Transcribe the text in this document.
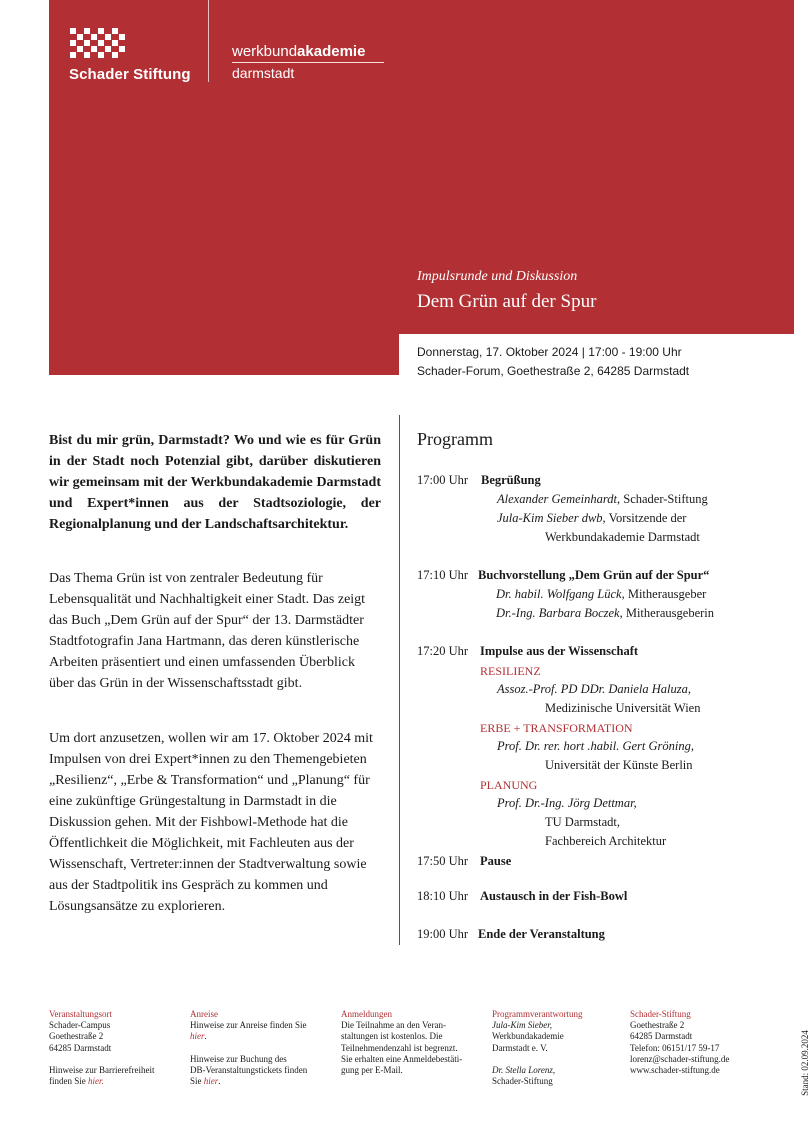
Schader Stiftung
werkbundakademie
darmstadt
Impulsrunde und Diskussion
Dem Grün auf der Spur
Donnerstag, 17. Oktober 2024 | 17:00 - 19:00 Uhr
Schader-Forum, Goethestraße 2, 64285 Darmstadt

Bist du mir grün, Darmstadt? Wo und wie es für Grün in der Stadt noch Potenzial gibt, darüber diskutieren wir gemeinsam mit der Werkbundakademie Darmstadt und Expert*innen aus der Stadtsoziologie, der Regionalplanung und der Landschaftsarchitektur.

Das Thema Grün ist von zentraler Bedeutung für Lebensqualität und Nachhaltigkeit einer Stadt. Das zeigt das Buch „Dem Grün auf der Spur“ der 13. Darmstädter Stadtfotografin Jana Hartmann, das deren künstlerische Arbeiten präsentiert und einen umfassenden Überblick über das Grün in der Wissenschaftsstadt gibt.

Um dort anzusetzen, wollen wir am 17. Oktober 2024 mit Impulsen von drei Expert*innen zu den Themengebieten „Resilienz“, „Erbe & Transformation“ und „Planung“ für eine zukünftige Grüngestaltung in Darmstadt in die Diskussion gehen. Mit der Fishbowl-Methode hat die Öffentlichkeit die Möglichkeit, mit Fachleuten aus der Wissenschaft, Vertreter:innen der Stadtverwaltung sowie aus der Stadtpolitik ins Gespräch zu kommen und Lösungsansätze zu explorieren.

Programm
17:00 Uhr Begrüßung
Alexander Gemeinhardt, Schader-Stiftung
Jula-Kim Sieber dwb, Vorsitzende der
Werkbundakademie Darmstadt
17:10 Uhr Buchvorstellung „Dem Grün auf der Spur“
Dr. habil. Wolfgang Lück, Mitherausgeber
Dr.-Ing. Barbara Boczek, Mitherausgeberin
17:20 Uhr Impulse aus der Wissenschaft
RESILIENZ
Assoz.-Prof. PD DDr. Daniela Haluza,
Medizinische Universität Wien
ERBE + TRANSFORMATION
Prof. Dr. rer. hort .habil. Gert Gröning,
Universität der Künste Berlin
PLANUNG
Prof. Dr.-Ing. Jörg Dettmar,
TU Darmstadt,
Fachbereich Architektur
17:50 Uhr Pause
18:10 Uhr Austausch in der Fish-Bowl
19:00 Uhr Ende der Veranstaltung
Veranstaltungsort
Schader-Campus
Goethestraße 2
64285 Darmstadt
Hinweise zur Barrierefreiheit
finden Sie hier.
Anreise
Hinweise zur Anreise finden Sie
hier.
Hinweise zur Buchung des
DB-Veranstaltungstickets finden
Sie hier.
Anmeldungen
Die Teilnahme an den Veran-
staltungen ist kostenlos. Die
Teilnehmendenzahl ist begrenzt.
Sie erhalten eine Anmeldebestäti-
gung per E-Mail.
Programmverantwortung
Jula-Kim Sieber,
Werkbundakademie
Darmstadt e. V.
Dr. Stella Lorenz,
Schader-Stiftung
Schader-Stiftung
Goethestraße 2
64285 Darmstadt
Telefon: 06151/17 59-17
lorenz@schader-stiftung.de
www.schader-stiftung.de	Stand: 02.09.2024
